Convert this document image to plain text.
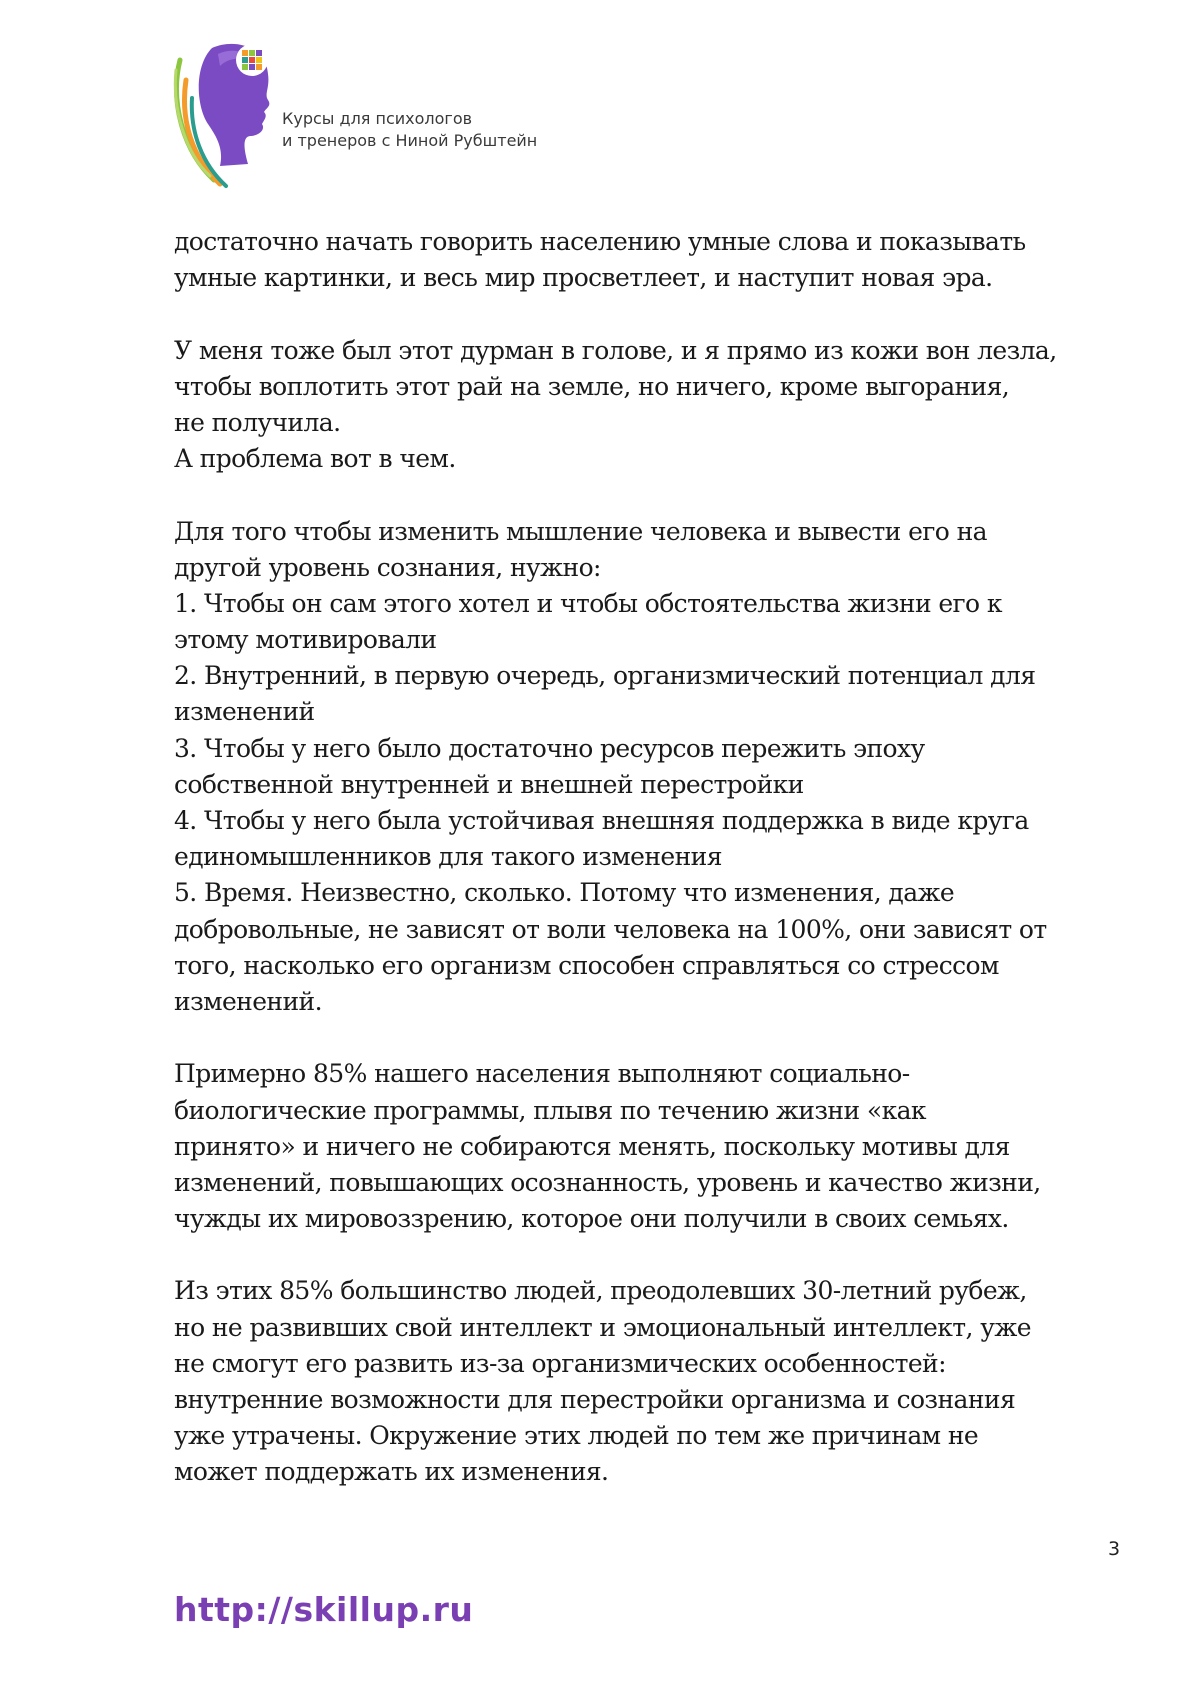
Курсы для психологов
и тренеров с Ниной Рубштейн
достаточно начать говорить населению умные слова и показывать
умные картинки, и весь мир просветлеет, и наступит новая эра.
У меня тоже был этот дурман в голове, и я прямо из кожи вон лезла,
чтобы воплотить этот рай на земле, но ничего, кроме выгорания,
не получила.
А проблема вот в чем.
Для того чтобы изменить мышление человека и вывести его на
другой уровень сознания, нужно:
1. Чтобы он сам этого хотел и чтобы обстоятельства жизни его к
этому мотивировали
2. Внутренний, в первую очередь, организмический потенциал для
изменений
3. Чтобы у него было достаточно ресурсов пережить эпоху
собственной внутренней и внешней перестройки
4. Чтобы у него была устойчивая внешняя поддержка в виде круга
единомышленников для такого изменения
5. Время. Неизвестно, сколько. Потому что изменения, даже
добровольные, не зависят от воли человека на 100%, они зависят от
того, насколько его организм способен справляться со стрессом
изменений.
Примерно 85% нашего населения выполняют социально-
биологические программы, плывя по течению жизни «как
принято» и ничего не собираются менять, поскольку мотивы для
изменений, повышающих осознанность, уровень и качество жизни,
чужды их мировоззрению, которое они получили в своих семьях.
Из этих 85% большинство людей, преодолевших 30-летний рубеж,
но не развивших свой интеллект и эмоциональный интеллект, уже
не смогут его развить из-за организмических особенностей:
внутренние возможности для перестройки организма и сознания
уже утрачены. Окружение этих людей по тем же причинам не
может поддержать их изменения.
3
http://skillup.ru
